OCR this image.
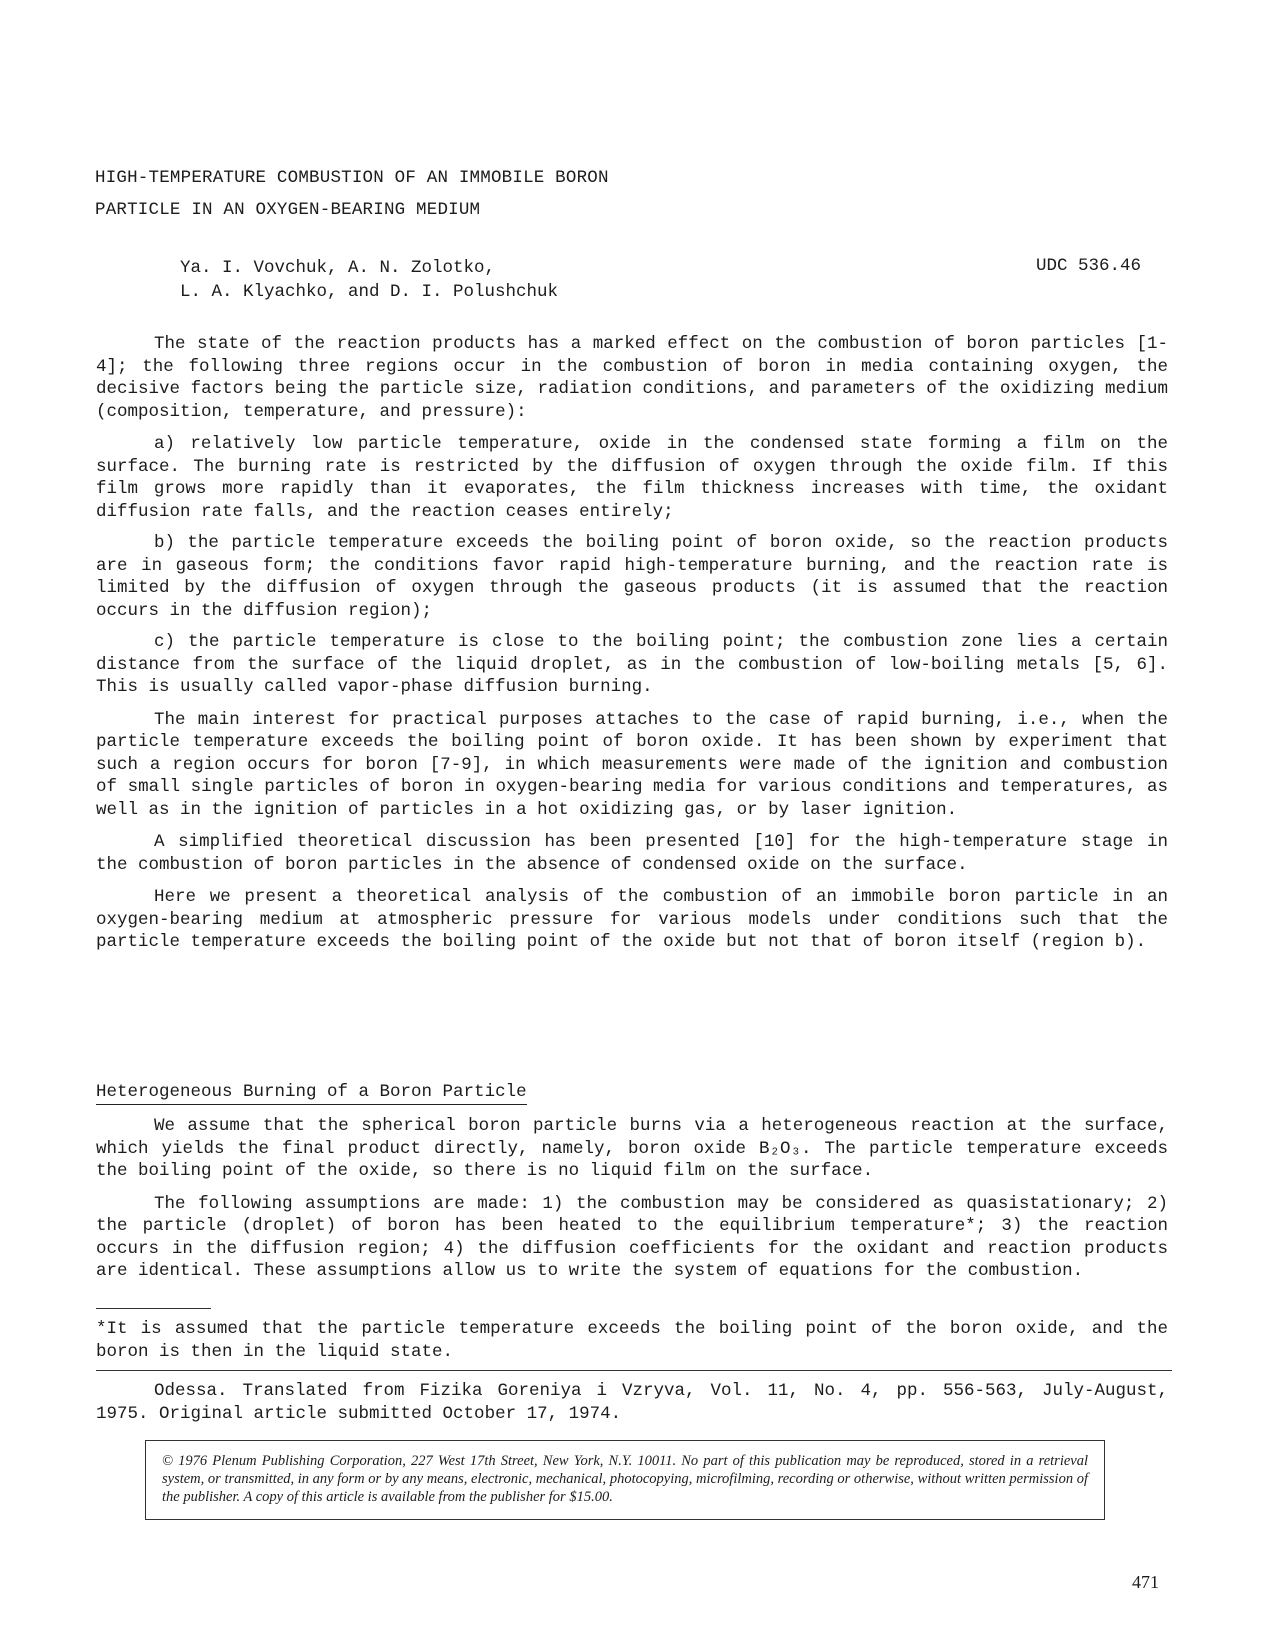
HIGH-TEMPERATURE COMBUSTION OF AN IMMOBILE BORON
PARTICLE IN AN OXYGEN-BEARING MEDIUM
Ya. I. Vovchuk, A. N. Zolotko,
L. A. Klyachko, and D. I. Polushchuk
UDC 536.46

The state of the reaction products has a marked effect on the combustion of boron particles [1-4]; the following three regions occur in the combustion of boron in media containing oxygen, the decisive factors being the particle size, radiation conditions, and parameters of the oxidizing medium (composition, temperature, and pressure):

a) relatively low particle temperature, oxide in the condensed state forming a film on the surface. The burning rate is restricted by the diffusion of oxygen through the oxide film. If this film grows more rapidly than it evaporates, the film thickness increases with time, the oxidant diffusion rate falls, and the reaction ceases entirely;

b) the particle temperature exceeds the boiling point of boron oxide, so the reaction products are in gaseous form; the conditions favor rapid high-temperature burning, and the reaction rate is limited by the diffusion of oxygen through the gaseous products (it is assumed that the reaction occurs in the diffusion region);

c) the particle temperature is close to the boiling point; the combustion zone lies a certain distance from the surface of the liquid droplet, as in the combustion of low-boiling metals [5, 6]. This is usually called vapor-phase diffusion burning.

The main interest for practical purposes attaches to the case of rapid burning, i.e., when the particle temperature exceeds the boiling point of boron oxide. It has been shown by experiment that such a region occurs for boron [7-9], in which measurements were made of the ignition and combustion of small single particles of boron in oxygen-bearing media for various conditions and temperatures, as well as in the ignition of particles in a hot oxidizing gas, or by laser ignition.

A simplified theoretical discussion has been presented [10] for the high-temperature stage in the combustion of boron particles in the absence of condensed oxide on the surface.

Here we present a theoretical analysis of the combustion of an immobile boron particle in an oxygen-bearing medium at atmospheric pressure for various models under conditions such that the particle temperature exceeds the boiling point of the oxide but not that of boron itself (region b).

Heterogeneous Burning of a Boron Particle

We assume that the spherical boron particle burns via a heterogeneous reaction at the surface, which yields the final product directly, namely, boron oxide B₂O₃. The particle temperature exceeds the boiling point of the oxide, so there is no liquid film on the surface.

The following assumptions are made: 1) the combustion may be considered as quasistationary; 2) the particle (droplet) of boron has been heated to the equilibrium temperature*; 3) the reaction occurs in the diffusion region; 4) the diffusion coefficients for the oxidant and reaction products are identical. These assumptions allow us to write the system of equations for the combustion.

*It is assumed that the particle temperature exceeds the boiling point of the boron oxide, and the boron is then in the liquid state.

Odessa. Translated from Fizika Goreniya i Vzryva, Vol. 11, No. 4, pp. 556-563, July-August, 1975. Original article submitted October 17, 1974.

© 1976 Plenum Publishing Corporation, 227 West 17th Street, New York, N.Y. 10011. No part of this publication may be reproduced, stored in a retrieval system, or transmitted, in any form or by any means, electronic, mechanical, photocopying, microfilming, recording or otherwise, without written permission of the publisher. A copy of this article is available from the publisher for $15.00.
471
